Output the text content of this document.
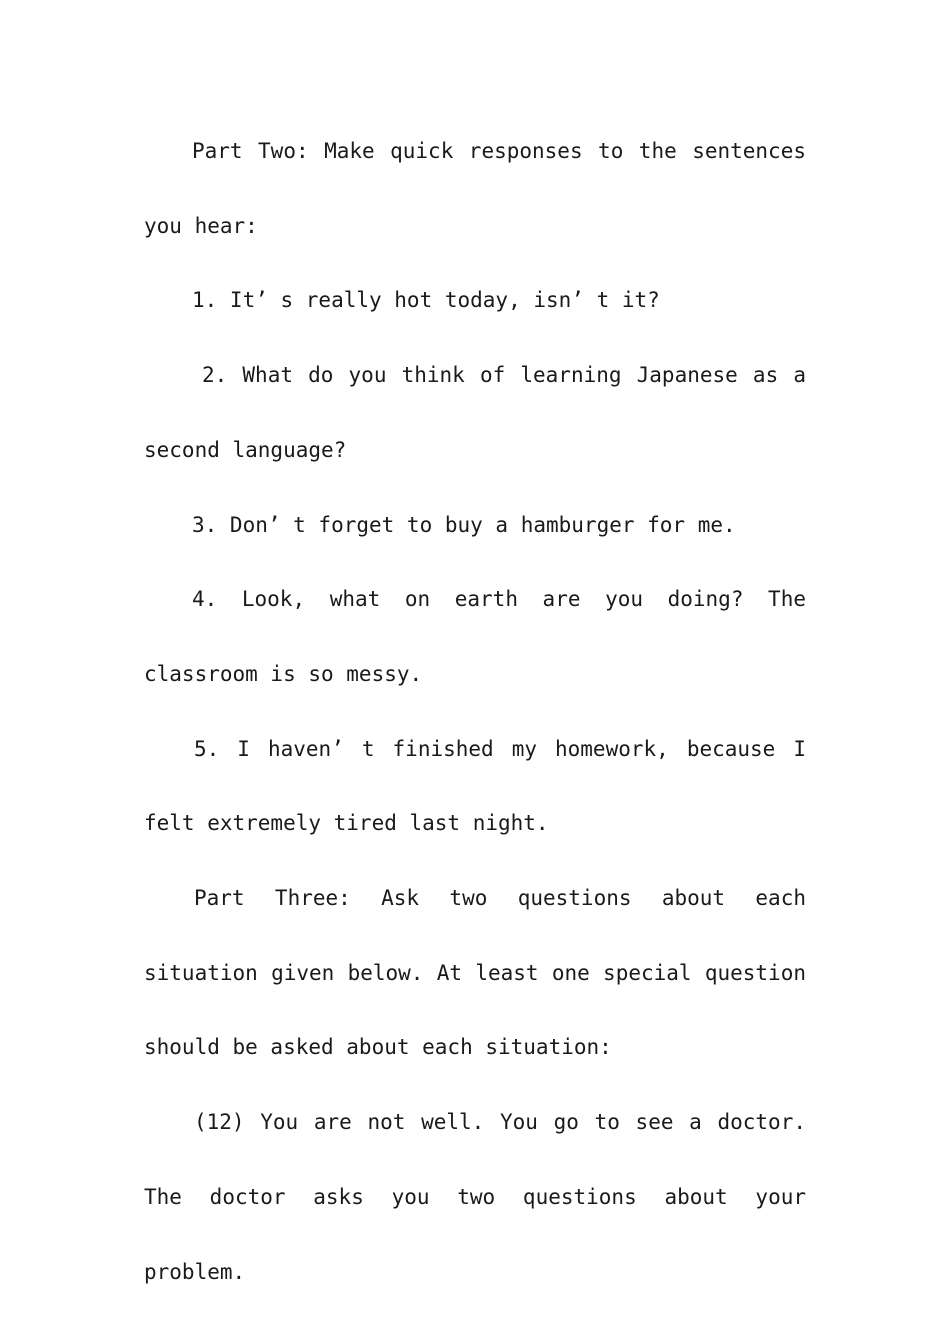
Part Two: Make quick responses to the sentences you hear:

1. It’ s really hot today, isn’ t it?

2. What do you think of learning Japanese as a second language?

3. Don’ t forget to buy a hamburger for me.

4. Look, what on earth are you doing? The classroom is so messy.

5. I haven’ t finished my homework, because I felt extremely tired last night.

Part Three: Ask two questions about each situation given below. At least one special question should be asked about each situation:

(12) You are not well. You go to see a doctor. The doctor asks you two questions about your problem.
